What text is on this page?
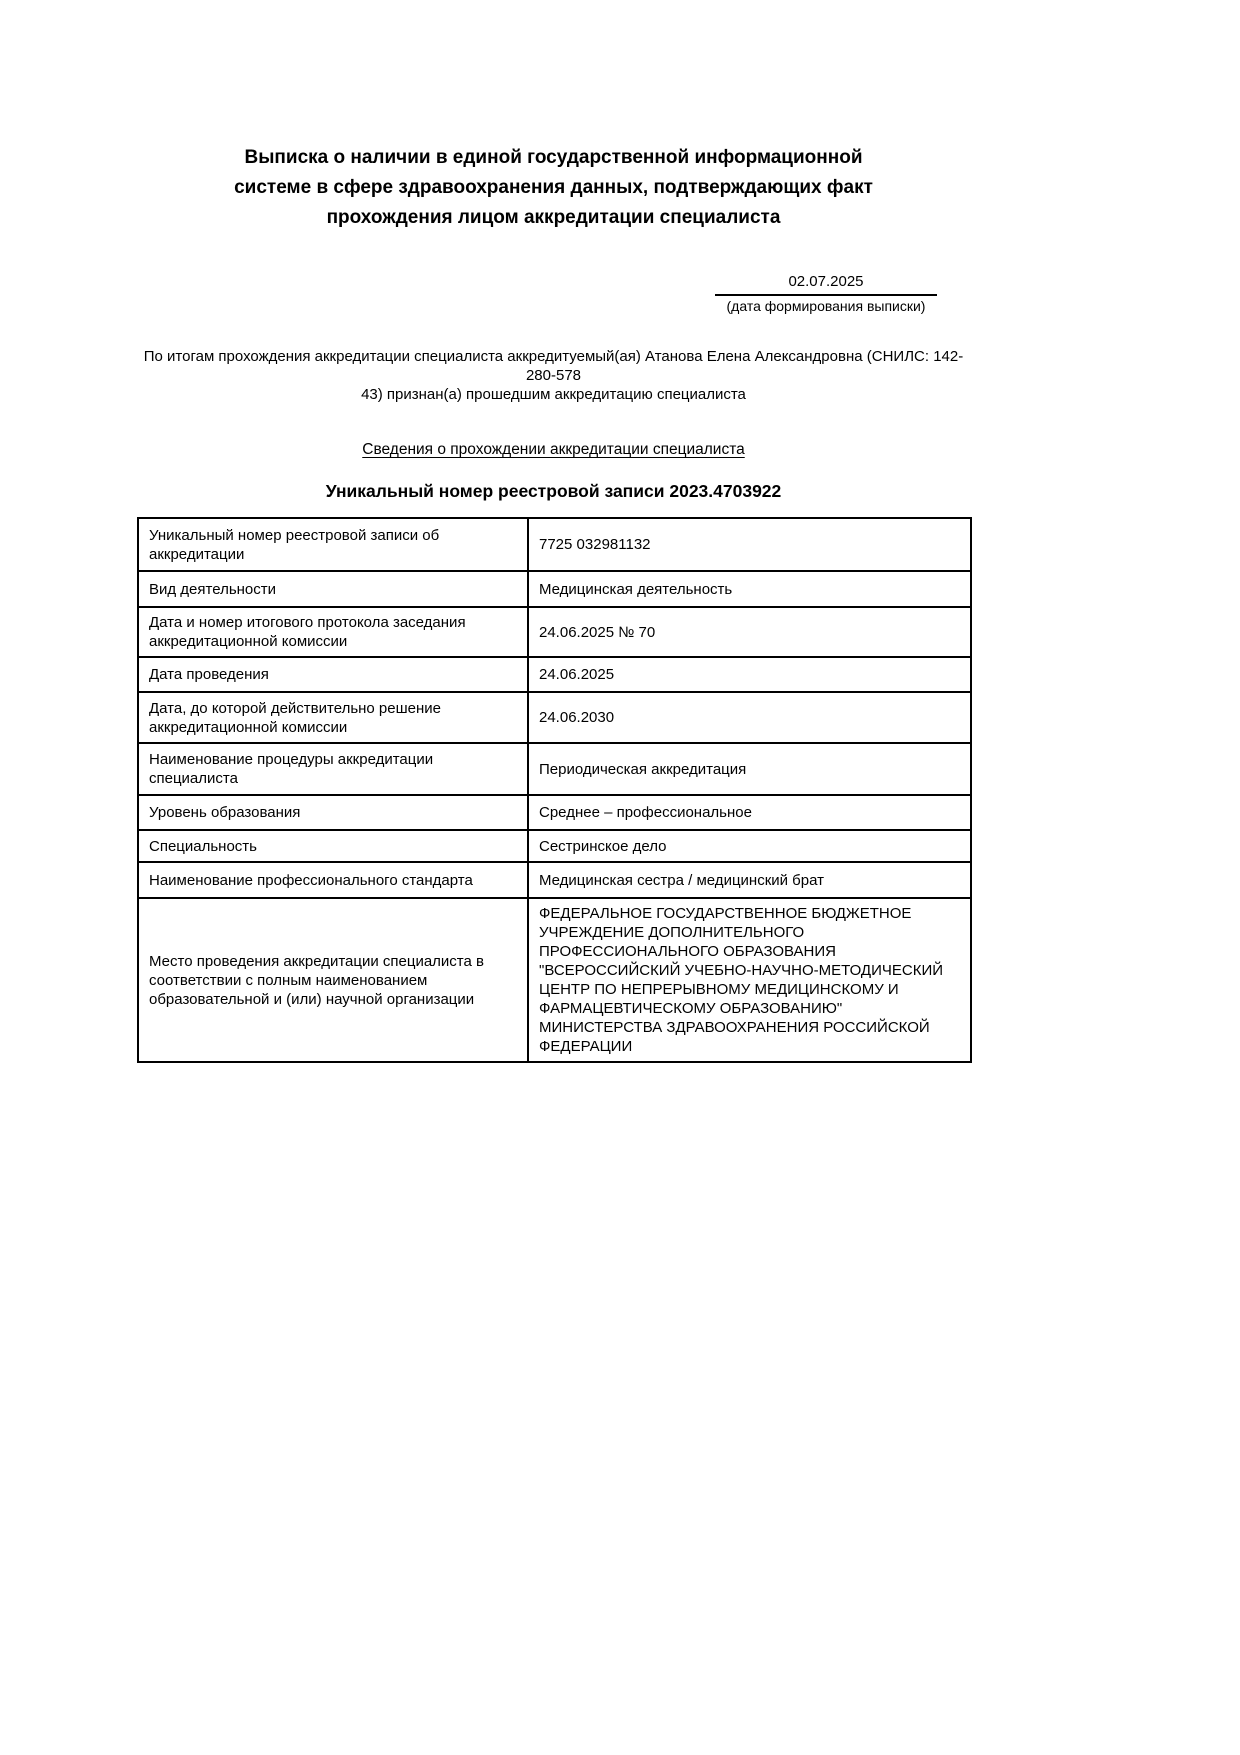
Выписка о наличии в единой государственной информационной
системе в сфере здравоохранения данных, подтверждающих факт
прохождения лицом аккредитации специалиста
02.07.2025
(дата формирования выписки)
По итогам прохождения аккредитации специалиста аккредитуемый(ая) Атанова Елена Александровна (СНИЛС: 142-280-578
43) признан(а) прошедшим аккредитацию специалиста
Сведения о прохождении аккредитации специалиста
Уникальный номер реестровой записи 2023.4703922
Уникальный номер реестровой записи об аккредитации	7725 032981132
Вид деятельности	Медицинская деятельность
Дата и номер итогового протокола заседания аккредитационной комиссии	24.06.2025 № 70
Дата проведения	24.06.2025
Дата, до которой действительно решение аккредитационной комиссии	24.06.2030
Наименование процедуры аккредитации специалиста	Периодическая аккредитация
Уровень образования	Среднее – профессиональное
Специальность	Сестринское дело
Наименование профессионального стандарта	Медицинская сестра / медицинский брат
Место проведения аккредитации специалиста в соответствии с полным наименованием образовательной и (или) научной организации	ФЕДЕРАЛЬНОЕ ГОСУДАРСТВЕННОЕ БЮДЖЕТНОЕ УЧРЕЖДЕНИЕ ДОПОЛНИТЕЛЬНОГО ПРОФЕССИОНАЛЬНОГО ОБРАЗОВАНИЯ "ВСЕРОССИЙСКИЙ УЧЕБНО-НАУЧНО-МЕТОДИЧЕСКИЙ ЦЕНТР ПО НЕПРЕРЫВНОМУ МЕДИЦИНСКОМУ И ФАРМАЦЕВТИЧЕСКОМУ ОБРАЗОВАНИЮ" МИНИСТЕРСТВА ЗДРАВООХРАНЕНИЯ РОССИЙСКОЙ ФЕДЕРАЦИИ
